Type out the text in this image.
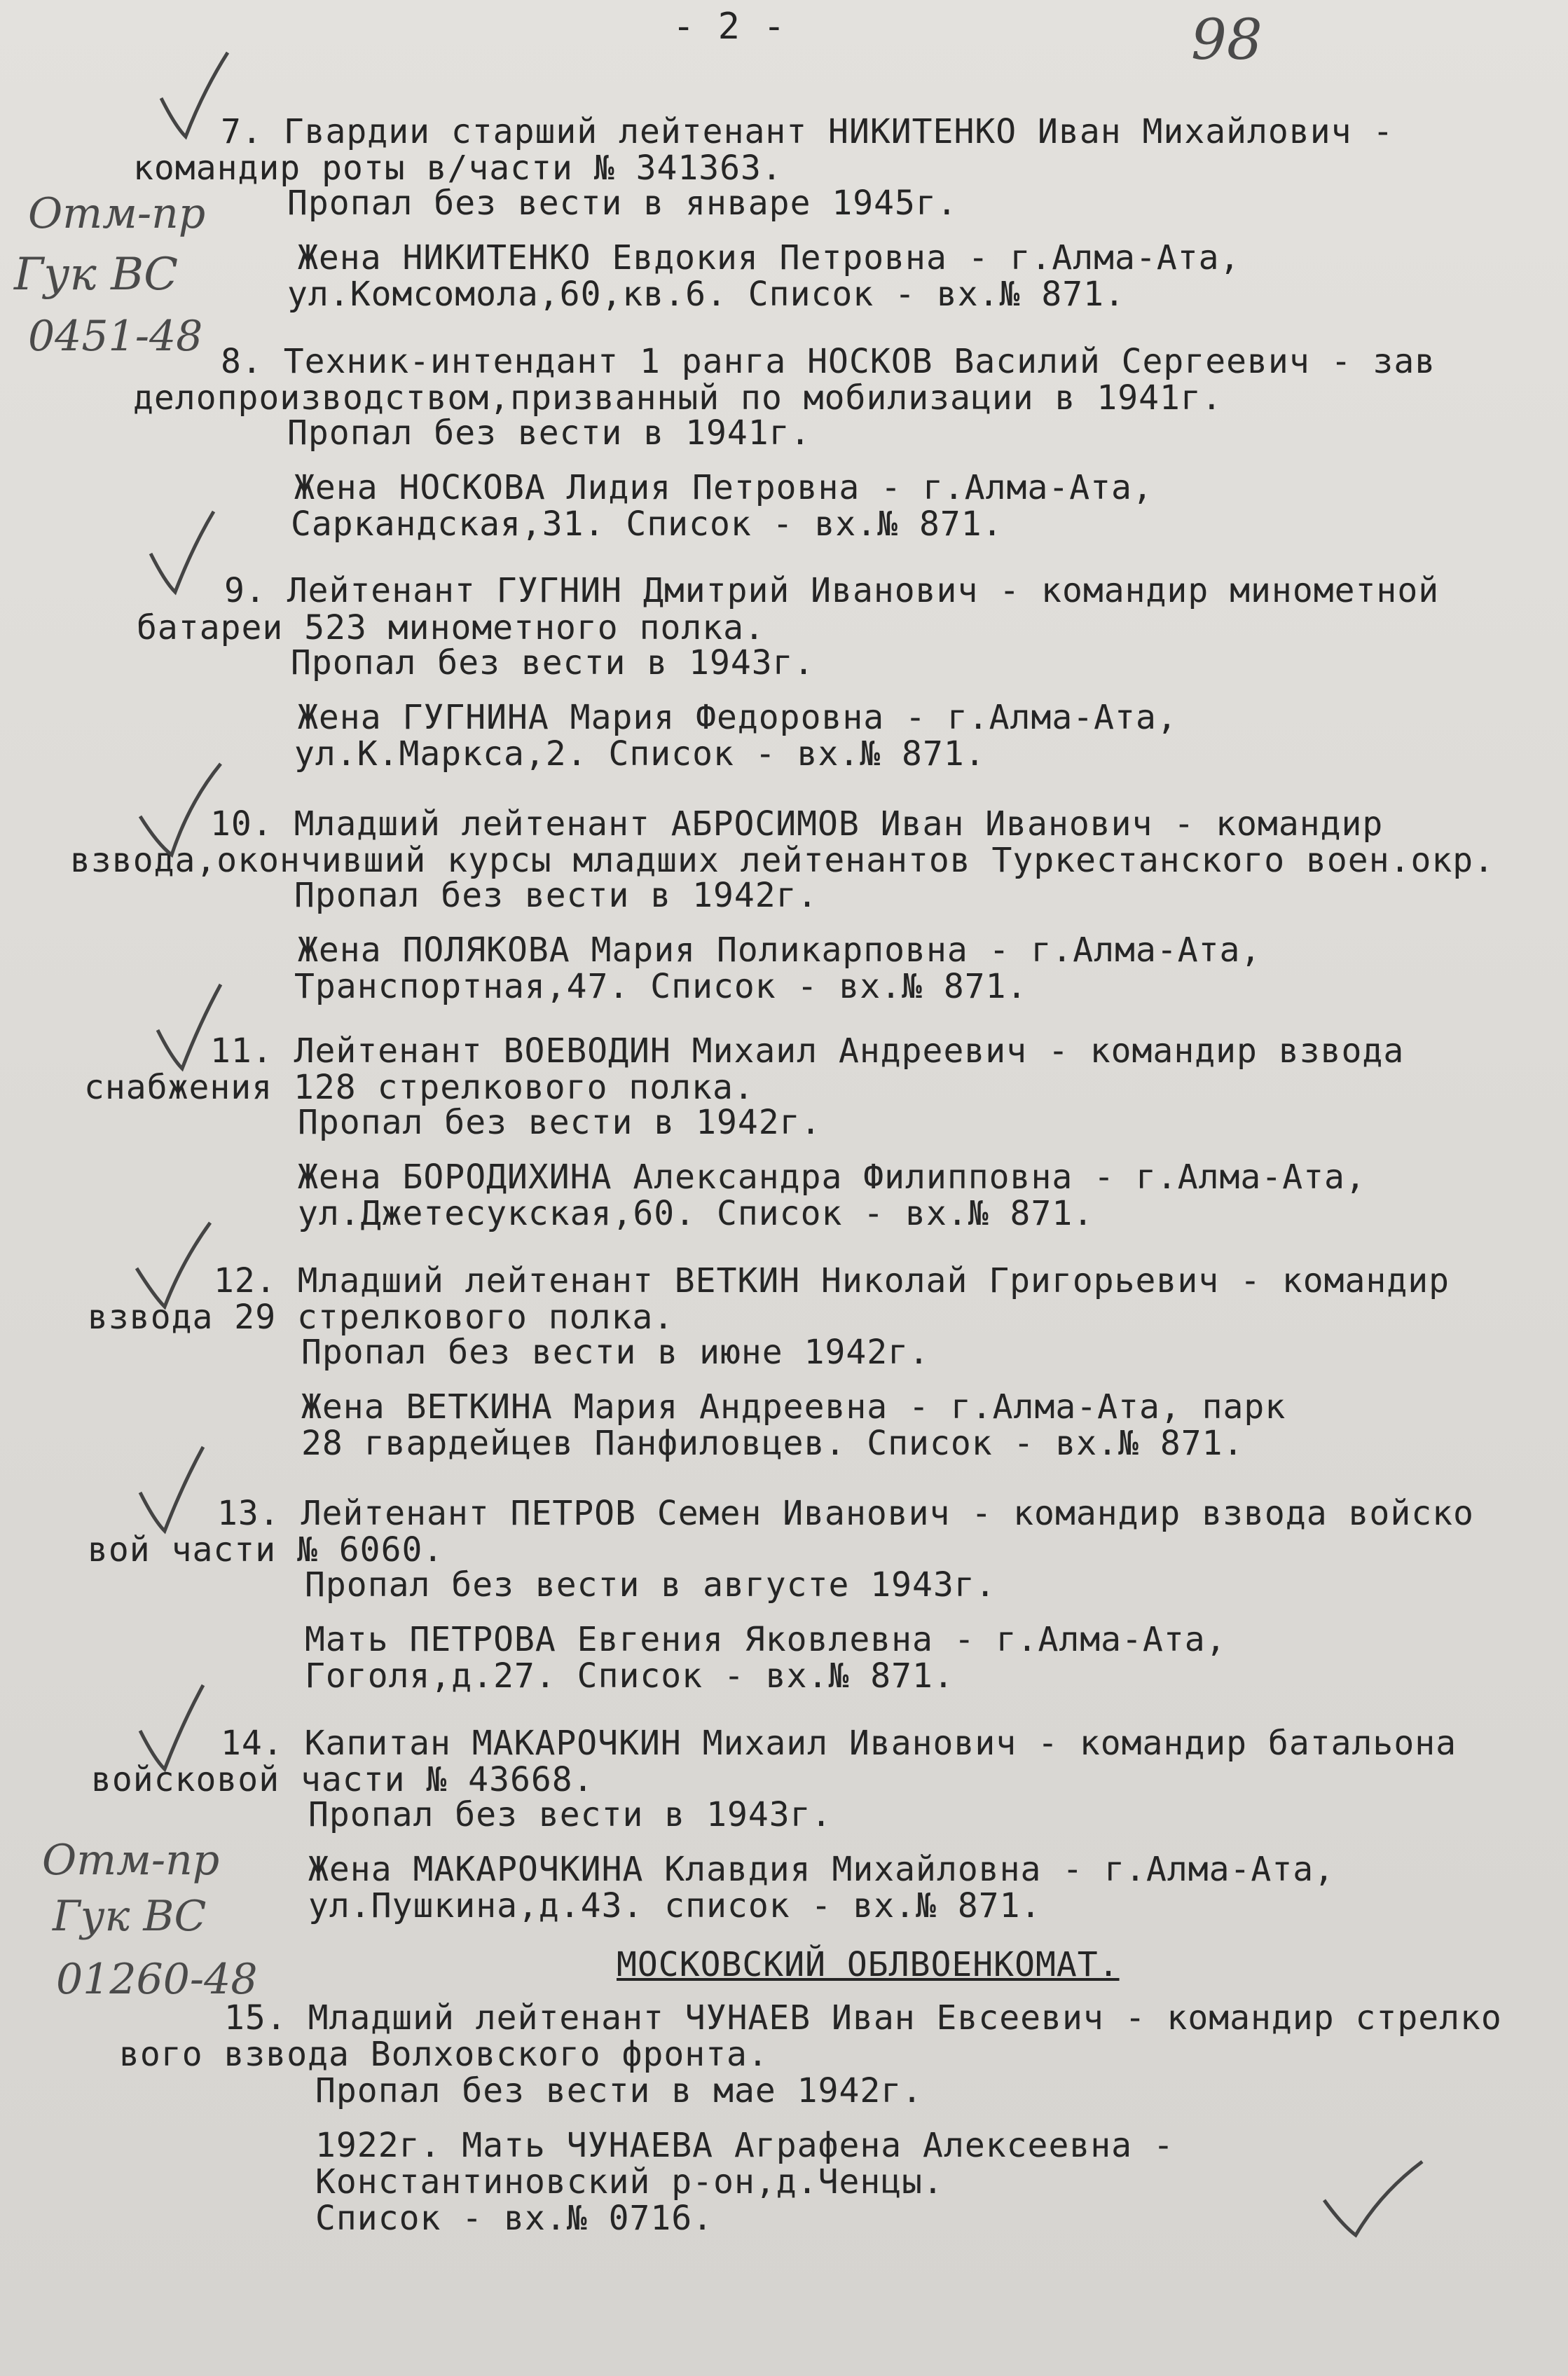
- 2 -	98
7. Гвардии старший лейтенант НИКИТЕНКО Иван Михайлович -
командир роты в/части № 341363.
Пропал без вести в январе 1945г.
Жена НИКИТЕНКО Евдокия Петровна - г.Алма-Ата,
ул.Комсомола,60,кв.6. Список - вх.№ 871.
8. Техник-интендант 1 ранга НОСКОВ Василий Сергеевич - зав
делопроизводством,призванный по мобилизации в 1941г.
Пропал без вести в 1941г.
Жена НОСКОВА Лидия Петровна - г.Алма-Ата,
Саркандская,31. Список - вх.№ 871.
9. Лейтенант ГУГНИН Дмитрий Иванович - командир минометной
батареи 523 минометного полка.
Пропал без вести в 1943г.
Жена ГУГНИНА Мария Федоровна - г.Алма-Ата,
ул.К.Маркса,2. Список - вх.№ 871.
10. Младший лейтенант АБРОСИМОВ Иван Иванович - командир
взвода,окончивший курсы младших лейтенантов Туркестанского воен.окр.
Пропал без вести в 1942г.
Жена ПОЛЯКОВА Мария Поликарповна - г.Алма-Ата,
Транспортная,47. Список - вх.№ 871.
11. Лейтенант ВОЕВОДИН Михаил Андреевич - командир взвода
снабжения 128 стрелкового полка.
Пропал без вести в 1942г.
Жена БОРОДИХИНА Александра Филипповна - г.Алма-Ата,
ул.Джетесукская,60. Список - вх.№ 871.
12. Младший лейтенант ВЕТКИН Николай Григорьевич - командир
взвода 29 стрелкового полка.
Пропал без вести в июне 1942г.
Жена ВЕТКИНА Мария Андреевна - г.Алма-Ата, парк
28 гвардейцев Панфиловцев. Список - вх.№ 871.
13. Лейтенант ПЕТРОВ Семен Иванович - командир взвода войско
вой части № 6060.
Пропал без вести в августе 1943г.
Мать ПЕТРОВА Евгения Яковлевна - г.Алма-Ата,
Гоголя,д.27. Список - вх.№ 871.
14. Капитан МАКАРОЧКИН Михаил Иванович - командир батальона
войсковой части № 43668.
Пропал без вести в 1943г.
Жена МАКАРОЧКИНА Клавдия Михайловна - г.Алма-Ата,
ул.Пушкина,д.43. список - вх.№ 871.
МОСКОВСКИЙ ОБЛВОЕНКОМАТ.
15. Младший лейтенант ЧУНАЕВ Иван Евсеевич - командир стрелко
вого взвода Волховского фронта.
Пропал без вести в мае 1942г.
1922г. Мать ЧУНАЕВА Аграфена Алексеевна -
Константиновский р-он,д.Ченцы.
Список - вх.№ 0716.
Отм-пр
Гук ВС
0451-48
Отм-пр
Гук ВС
01260-48
